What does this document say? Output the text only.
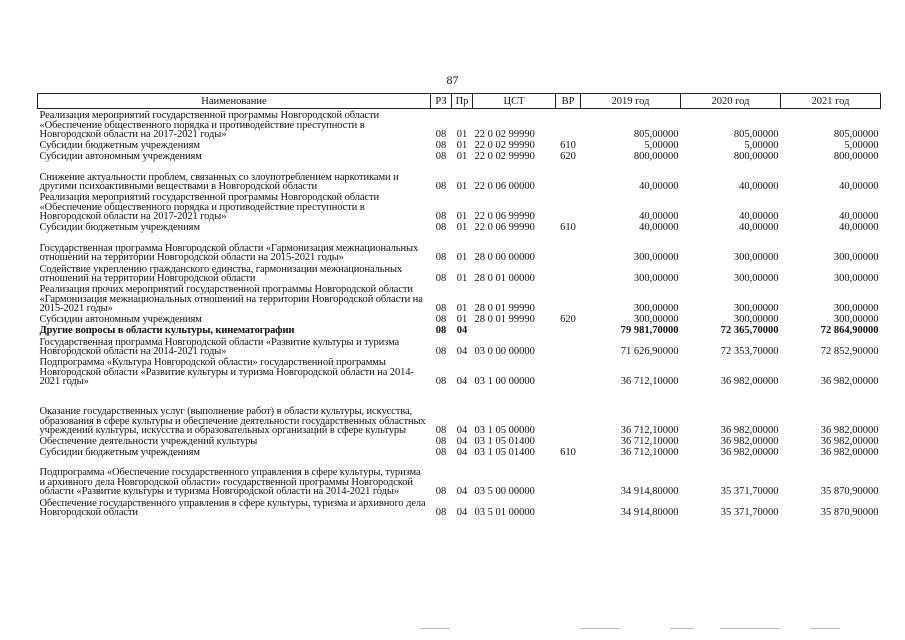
87
Наименование	РЗ	Пр	ЦСТ	ВР	2019 год	2020 год	2021 год
Реализация мероприятий государственной программы Новгородской области «Обеспечение общественного порядка и противодействие преступности в Новгородской области на 2017-2021 годы»	08	01	22 0 02 99990		805,00000	805,00000	805,00000
Субсидии бюджетным учреждениям	08	01	22 0 02 99990	610	5,00000	5,00000	5,00000
Субсидии автономным учреждениям	08	01	22 0 02 99990	620	800,00000	800,00000	800,00000
Снижение актуальности проблем, связанных со злоупотреблением наркотиками и другими психоактивными веществами в Новгородской области	08	01	22 0 06 00000		40,00000	40,00000	40,00000
Реализация мероприятий государственной программы Новгородской области «Обеспечение общественного порядка и противодействие преступности в Новгородской области на 2017-2021 годы»	08	01	22 0 06 99990		40,00000	40,00000	40,00000
Субсидии бюджетным учреждениям	08	01	22 0 06 99990	610	40,00000	40,00000	40,00000
Государственная программа Новгородской области «Гармонизация межнациональных отношений на территории Новгородской области на 2015-2021 годы»	08	01	28 0 00 00000		300,00000	300,00000	300,00000
Содействие укреплению гражданского единства, гармонизации межнациональных отношений на территории Новгородской области	08	01	28 0 01 00000		300,00000	300,00000	300,00000
Реализация прочих мероприятий государственной программы Новгородской области «Гармонизация межнациональных отношений на территории Новгородской области на 2015-2021 годы»	08	01	28 0 01 99990		300,00000	300,00000	300,00000
Субсидии автономным учреждениям	08	01	28 0 01 99990	620	300,00000	300,00000	300,00000
Другие вопросы в области культуры, кинематографии	08	04			79 981,70000	72 365,70000	72 864,90000
Государственная программа Новгородской области «Развитие культуры и туризма Новгородской области на 2014-2021 годы»	08	04	03 0 00 00000		71 626,90000	72 353,70000	72 852,90000
Подпрограмма «Культура Новгородской области» государственной программы Новгородской области «Развитие культуры и туризма Новгородской области на 2014-2021 годы»	08	04	03 1 00 00000		36 712,10000	36 982,00000	36 982,00000
Оказание государственных услуг (выполнение работ) в области культуры, искусства, образования в сфере культуры и обеспечение деятельности государственных областных учреждений культуры, искусства и образовательных организаций в сфере культуры	08	04	03 1 05 00000		36 712,10000	36 982,00000	36 982,00000
Обеспечение деятельности учреждений культуры	08	04	03 1 05 01400		36 712,10000	36 982,00000	36 982,00000
Субсидии бюджетным учреждениям	08	04	03 1 05 01400	610	36 712,10000	36 982,00000	36 982,00000
Подпрограмма «Обеспечение государственного управления в сфере культуры, туризма и архивного дела Новгородской области» государственной программы Новгородской области «Развитие культуры и туризма Новгородской области на 2014-2021 годы»	08	04	03 5 00 00000		34 914,80000	35 371,70000	35 870,90000
Обеспечение государственного управления в сфере культуры, туризма и архивного дела Новгородской области	08	04	03 5 01 00000		34 914,80000	35 371,70000	35 870,90000
